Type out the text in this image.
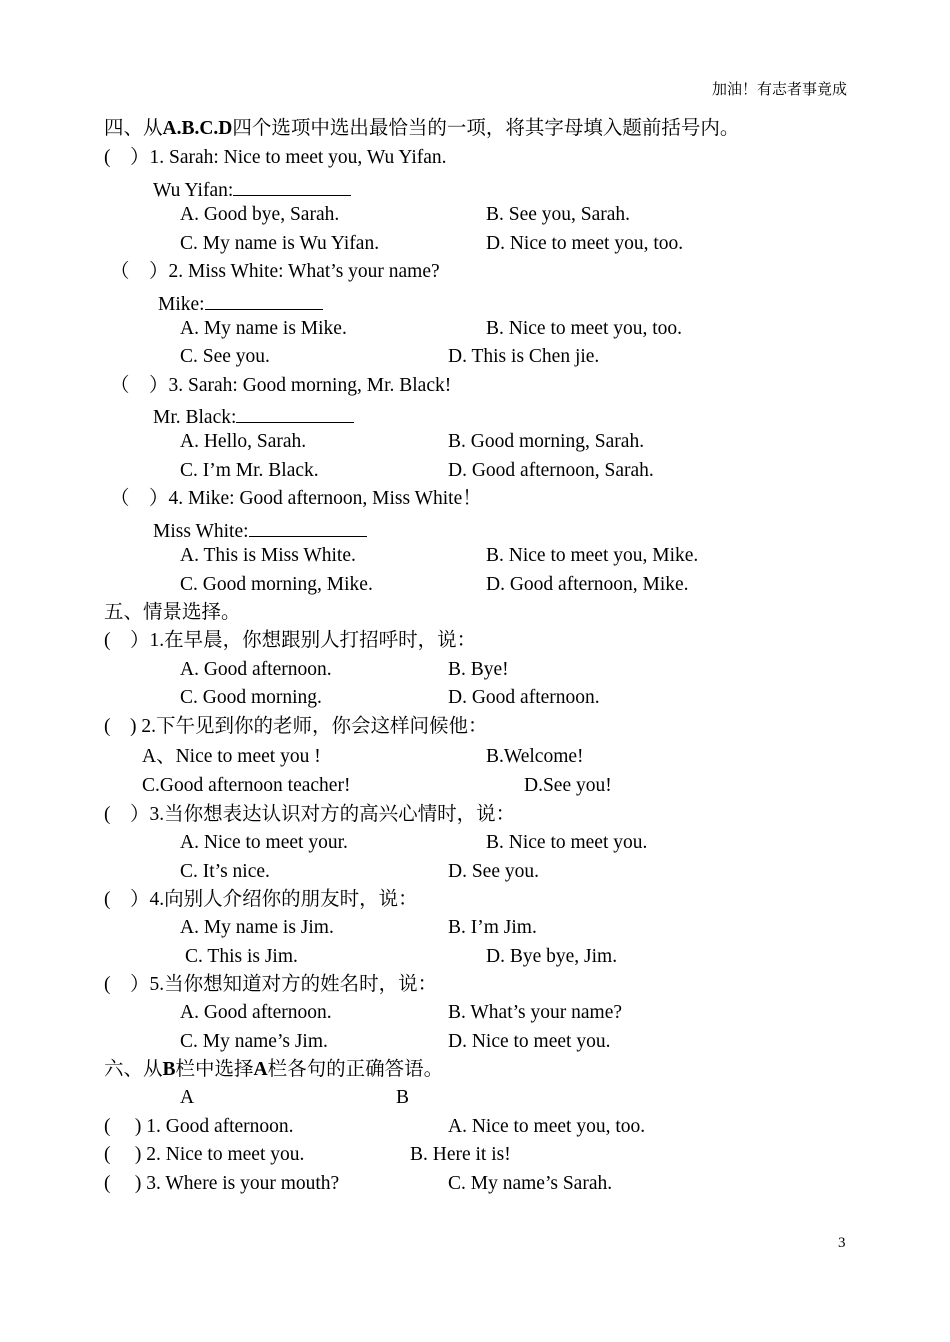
加油！有志者事竟成
四、从A.B.C.D四个选项中选出最恰当的一项，将其字母填入题前括号内。
(    ）1. Sarah: Nice to meet you, Wu Yifan.
Wu Yifan:
A. Good bye, Sarah.	B. See you, Sarah.
C. My name is Wu Yifan.	D. Nice to meet you, too.
（    ）2. Miss White: What’s your name?
Mike:
A. My name is Mike.	B. Nice to meet you, too.
C. See you.	D. This is Chen jie.
（    ）3. Sarah: Good morning, Mr. Black!
Mr. Black:
A. Hello, Sarah.	B. Good morning, Sarah.
C. I’m Mr. Black.	D. Good afternoon, Sarah.
（    ）4. Mike: Good afternoon, Miss White！
Miss White:
A. This is Miss White.	B. Nice to meet you, Mike.
C. Good morning, Mike.	D. Good afternoon, Mike.
五、情景选择。
(    ）1.在早晨，你想跟别人打招呼时，说：
A. Good afternoon.	B. Bye!
C. Good morning.	D. Good afternoon.
(    ) 2.下午见到你的老师，你会这样问候他：
A、Nice to meet you !	B.Welcome!
C.Good afternoon teacher!	D.See you!
(    ）3.当你想表达认识对方的高兴心情时，说：
A. Nice to meet your.	B. Nice to meet you.
C. It’s nice.	D. See you.
(    ）4.向别人介绍你的朋友时，说：
A. My name is Jim.	B. I’m Jim.
C. This is Jim.	D. Bye bye, Jim.
(    ）5.当你想知道对方的姓名时，说：
A. Good afternoon.	B. What’s your name?
C. My name’s Jim.	D. Nice to meet you.
六、从B栏中选择A栏各句的正确答语。
A	B
(     ) 1. Good afternoon.	A. Nice to meet you, too.
(     ) 2. Nice to meet you.	B. Here it is!
(     ) 3. Where is your mouth?	C. My name’s Sarah.
3
